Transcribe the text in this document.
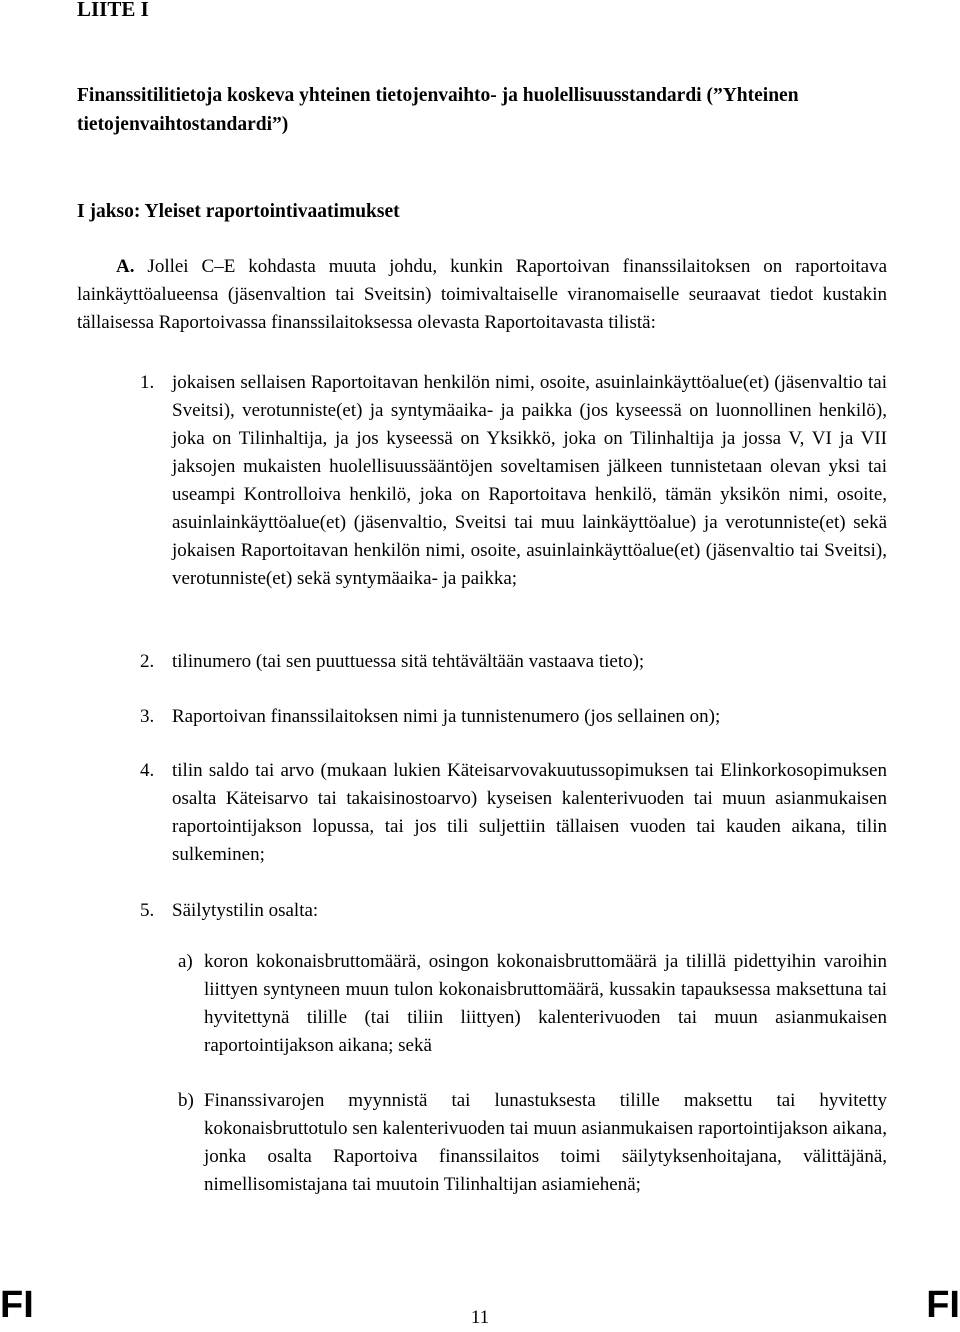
LIITE I
Finanssitilitietoja koskeva yhteinen tietojenvaihto- ja huolellisuusstandardi (”Yhteinen tietojenvaihtostandardi”)
I jakso: Yleiset raportointivaatimukset
A. Jollei C–E kohdasta muuta johdu, kunkin Raportoivan finanssilaitoksen on raportoitava lainkäyttöalueensa (jäsenvaltion tai Sveitsin) toimivaltaiselle viranomaiselle seuraavat tiedot kustakin tällaisessa Raportoivassa finanssilaitoksessa olevasta Raportoitavasta tilistä:
1. jokaisen sellaisen Raportoitavan henkilön nimi, osoite, asuinlainkäyttöalue(et) (jäsenvaltio tai Sveitsi), verotunniste(et) ja syntymäaika- ja paikka (jos kyseessä on luonnollinen henkilö), joka on Tilinhaltija, ja jos kyseessä on Yksikkö, joka on Tilinhaltija ja jossa V, VI ja VII jaksojen mukaisten huolellisuussääntöjen soveltamisen jälkeen tunnistetaan olevan yksi tai useampi Kontrolloiva henkilö, joka on Raportoitava henkilö, tämän yksikön nimi, osoite, asuinlainkäyttöalue(et) (jäsenvaltio, Sveitsi tai muu lainkäyttöalue) ja verotunniste(et) sekä jokaisen Raportoitavan henkilön nimi, osoite, asuinlainkäyttöalue(et) (jäsenvaltio tai Sveitsi), verotunniste(et) sekä syntymäaika- ja paikka;
2. tilinumero (tai sen puuttuessa sitä tehtävältään vastaava tieto);
3. Raportoivan finanssilaitoksen nimi ja tunnistenumero (jos sellainen on);
4. tilin saldo tai arvo (mukaan lukien Käteisarvovakuutussopimuksen tai Elinkorkosopimuksen osalta Käteisarvo tai takaisinostoarvo) kyseisen kalenterivuoden tai muun asianmukaisen raportointijakson lopussa, tai jos tili suljettiin tällaisen vuoden tai kauden aikana, tilin sulkeminen;
5. Säilytystilin osalta:
a) koron kokonaisbruttomäärä, osingon kokonaisbruttomäärä ja tilillä pidettyihin varoihin liittyen syntyneen muun tulon kokonaisbruttomäärä, kussakin tapauksessa maksettuna tai hyvitettynä tilille (tai tiliin liittyen) kalenterivuoden tai muun asianmukaisen raportointijakson aikana; sekä
b) Finanssivarojen myynnistä tai lunastuksesta tilille maksettu tai hyvitetty kokonaisbruttotulo sen kalenterivuoden tai muun asianmukaisen raportointijakson aikana, jonka osalta Raportoiva finanssilaitos toimi säilytyksenhoitajana, välittäjänä, nimellisomistajana tai muutoin Tilinhaltijan asiamiehenä;
FI	11	FI
